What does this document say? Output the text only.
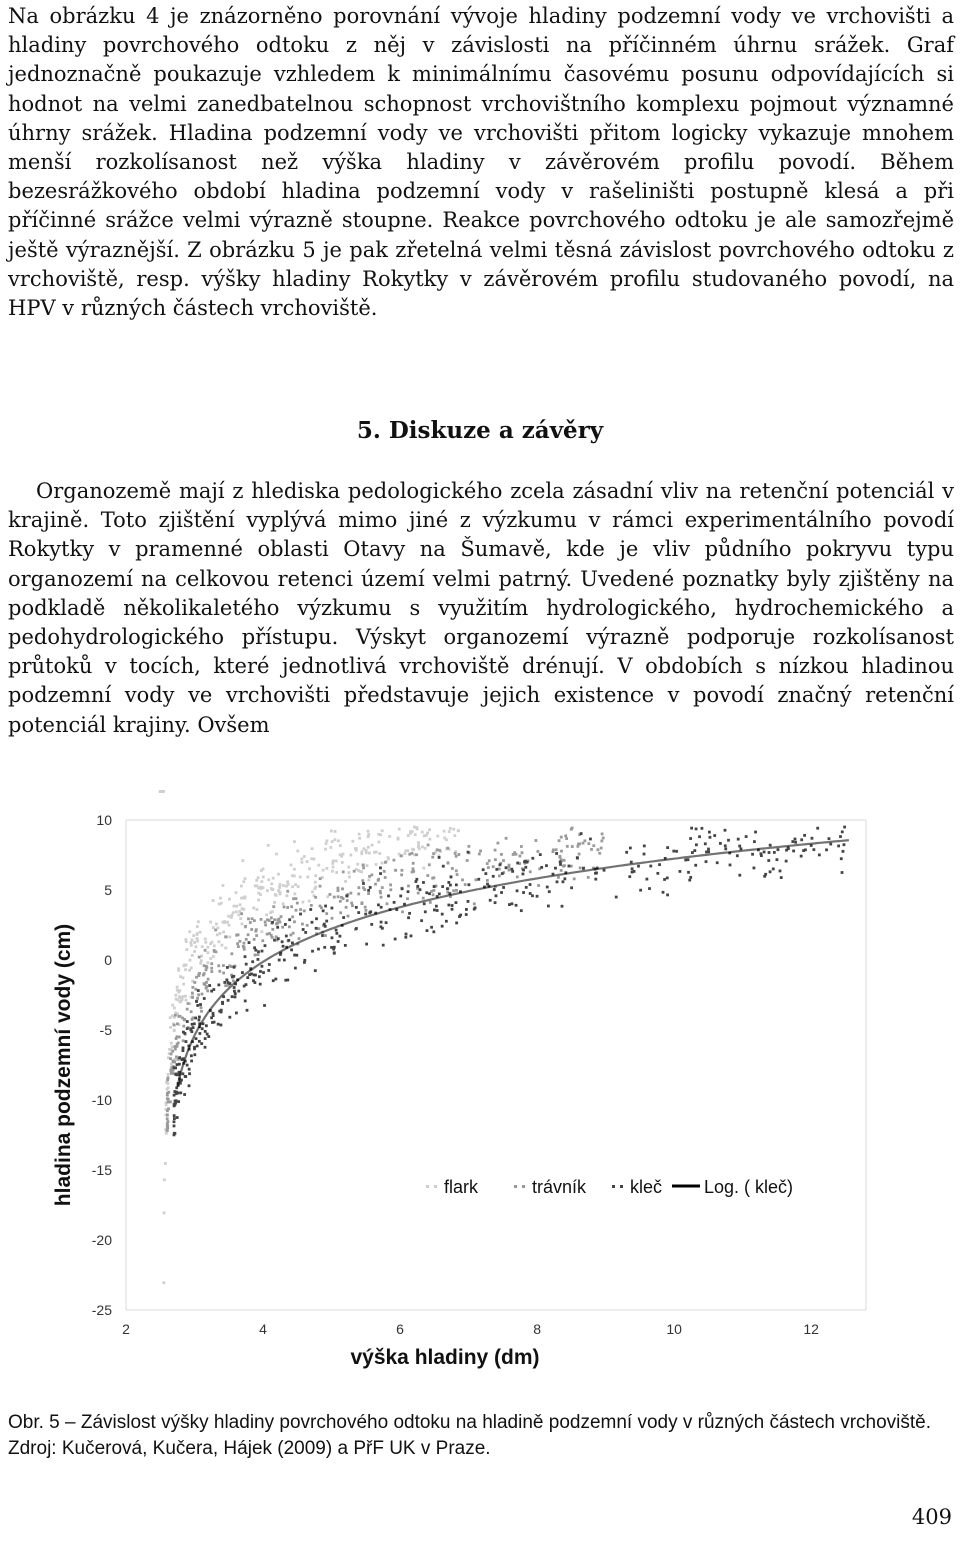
Na obrázku 4 je znázorněno porovnání vývoje hladiny podzemní vody ve vrchovišti a hladiny povrchového odtoku z něj v závislosti na příčinném úhrnu srážek. Graf jednoznačně poukazuje vzhledem k minimálnímu časovému posunu odpovídajících si hodnot na velmi zanedbatelnou schopnost vrchovištního komplexu pojmout významné úhrny srážek. Hladina podzemní vody ve vrchovišti přitom logicky vykazuje mnohem menší rozkolísanost než výška hladiny v závěrovém profilu povodí. Během bezesrážkového období hladina podzemní vody v rašeliništi postupně klesá a při příčinné srážce velmi výrazně stoupne. Reakce povrchového odtoku je ale samozřejmě ještě výraznější. Z obrázku 5 je pak zřetelná velmi těsná závislost povrchového odtoku z vrchoviště, resp. výšky hladiny Rokytky v závěrovém profilu studovaného povodí, na HPV v různých částech vrchoviště.

5. Diskuze a závěry

Organozemě mají z hlediska pedologického zcela zásadní vliv na retenční potenciál v krajině. Toto zjištění vyplývá mimo jiné z výzkumu v rámci experimentálního povodí Rokytky v pramenné oblasti Otavy na Šumavě, kde je vliv půdního pokryvu typu organozemí na celkovou retenci území velmi patrný. Uvedené poznatky byly zjištěny na podkladě několikaletého výzkumu s využitím hydrologického, hydrochemického a pedohydrologického přístupu. Výskyt organozemí výrazně podporuje rozkolísanost průtoků v tocích, které jednotlivá vrchoviště drénují. V obdobích s nízkou hladinou podzemní vody ve vrchovišti představuje jejich existence v povodí značný retenční potenciál krajiny. Ovšem

10
5
0
-5
-10
-15
-20
-25
2	4	6	8	10	12
hladina podzemní vody (cm)
výška hladiny (dm)
flark	trávník kleč Log. ( kleč)

Obr. 5 – Závislost výšky hladiny povrchového odtoku na hladině podzemní vody v různých částech vrchoviště. Zdroj: Kučerová, Kučera, Hájek (2009) a PřF UK v Praze.

409
